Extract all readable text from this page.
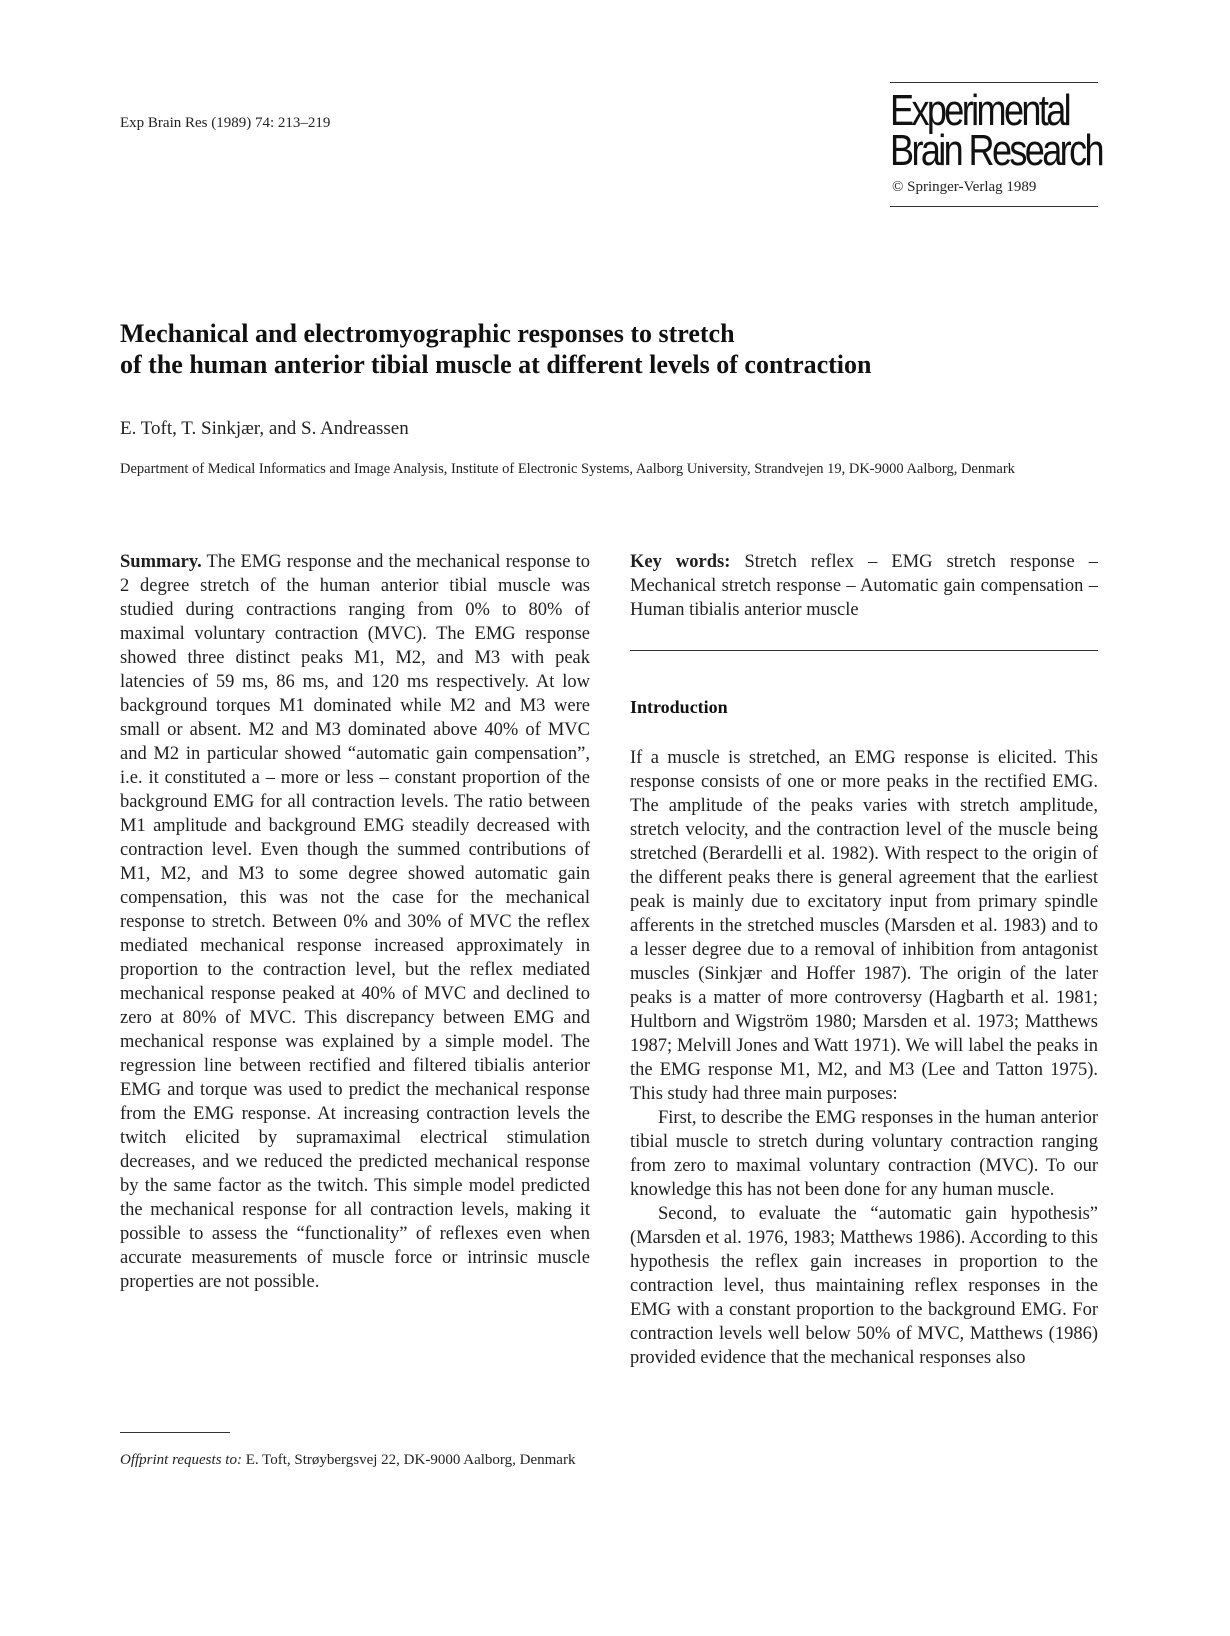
Exp Brain Res (1989) 74: 213–219	Experimental
Brain Research
© Springer-Verlag 1989
Mechanical and electromyographic responses to stretch
of the human anterior tibial muscle at different levels of contraction
E. Toft, T. Sinkjær, and S. Andreassen
Department of Medical Informatics and Image Analysis, Institute of Electronic Systems, Aalborg University, Strandvejen 19, DK-9000 Aalborg, Denmark
Summary. The EMG response and the mechanical response to 2 degree stretch of the human anterior tibial muscle was studied during contractions ranging from 0% to 80% of maximal voluntary contraction (MVC). The EMG response showed three distinct peaks M1, M2, and M3 with peak latencies of 59 ms, 86 ms, and 120 ms respectively. At low background torques M1 dominated while M2 and M3 were small or absent. M2 and M3 dominated above 40% of MVC and M2 in particular showed “automatic gain compensation”, i.e. it constituted a – more or less – constant proportion of the background EMG for all contraction levels. The ratio between M1 amplitude and background EMG steadily decreased with contraction level. Even though the summed contributions of M1, M2, and M3 to some degree showed automatic gain compensation, this was not the case for the mechanical response to stretch. Between 0% and 30% of MVC the reflex mediated mechanical response increased approximately in proportion to the contraction level, but the reflex mediated mechanical response peaked at 40% of MVC and declined to zero at 80% of MVC. This discrepancy between EMG and mechanical response was explained by a simple model. The regression line between rectified and filtered tibialis anterior EMG and torque was used to predict the mechanical response from the EMG response. At increasing contraction levels the twitch elicited by supramaximal electrical stimulation decreases, and we reduced the predicted mechanical response by the same factor as the twitch. This simple model predicted the mechanical response for all contraction levels, making it possible to assess the “functionality” of reflexes even when accurate measurements of muscle force or intrinsic muscle properties are not possible.
Key words: Stretch reflex – EMG stretch response – Mechanical stretch response – Automatic gain compensation – Human tibialis anterior muscle
Introduction

If a muscle is stretched, an EMG response is elicited. This response consists of one or more peaks in the rectified EMG. The amplitude of the peaks varies with stretch amplitude, stretch velocity, and the contraction level of the muscle being stretched (Berardelli et al. 1982). With respect to the origin of the different peaks there is general agreement that the earliest peak is mainly due to excitatory input from primary spindle afferents in the stretched muscles (Marsden et al. 1983) and to a lesser degree due to a removal of inhibition from antagonist muscles (Sinkjær and Hoffer 1987). The origin of the later peaks is a matter of more controversy (Hagbarth et al. 1981; Hultborn and Wigström 1980; Marsden et al. 1973; Matthews 1987; Melvill Jones and Watt 1971). We will label the peaks in the EMG response M1, M2, and M3 (Lee and Tatton 1975). This study had three main purposes:

First, to describe the EMG responses in the human anterior tibial muscle to stretch during voluntary contraction ranging from zero to maximal voluntary contraction (MVC). To our knowledge this has not been done for any human muscle.

Second, to evaluate the “automatic gain hypothesis” (Marsden et al. 1976, 1983; Matthews 1986). According to this hypothesis the reflex gain increases in proportion to the contraction level, thus maintaining reflex responses in the EMG with a constant proportion to the background EMG. For contraction levels well below 50% of MVC, Matthews (1986) provided evidence that the mechanical responses also

Offprint requests to: E. Toft, Strøybergsvej 22, DK-9000 Aalborg, Denmark
